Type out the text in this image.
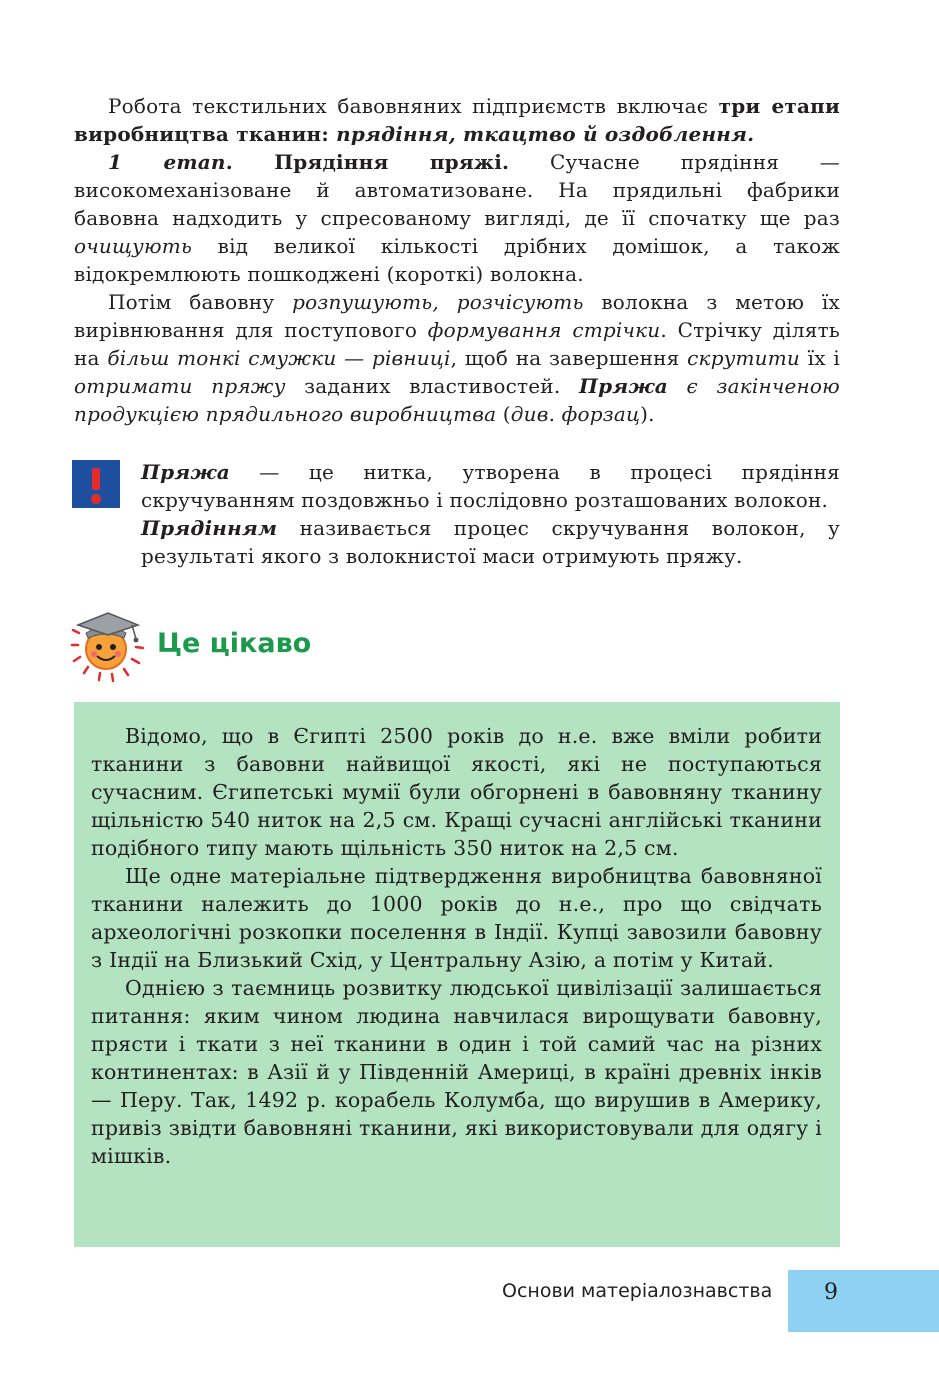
Робота текстильних бавовняних підприємств включає три етапи виробництва тканин: прядіння, ткацтво й оздоблення.

1 етап. Прядіння пряжі. Сучасне прядіння — високомеханізоване й автоматизоване. На прядильні фабрики бавовна надходить у спресованому вигляді, де її спочатку ще раз очищують від великої кількості дрібних домішок, а також відокремлюють пошкоджені (короткі) волокна.

Потім бавовну розпушують, розчісують волокна з метою їх вирівнювання для поступового формування стрічки. Стрічку ділять на більш тонкі смужки — рівниці, щоб на завершення скрутити їх і отримати пряжу заданих властивостей. Пряжа є закінченою продукцією прядильного виробництва (див. форзац).

Пряжа — це нитка, утворена в процесі прядіння скручуванням поздовжньо і послідовно розташованих волокон.

Прядінням називається процес скручування волокон, у результаті якого з волокнистої маси отримують пряжу.

Це цікаво

Відомо, що в Єгипті 2500 років до н.е. вже вміли робити тканини з бавовни найвищої якості, які не поступаються сучасним. Єгипетські мумії були обгорнені в бавовняну тканину щільністю 540 ниток на 2,5 см. Кращі сучасні англійські тканини подібного типу мають щільність 350 ниток на 2,5 см.

Ще одне матеріальне підтвердження виробництва бавовняної тканини належить до 1000 років до н.е., про що свідчать археологічні розкопки поселення в Індії. Купці завозили бавовну з Індії на Близький Схід, у Центральну Азію, а потім у Китай.

Однією з таємниць розвитку людської цивілізації залишається питання: яким чином людина навчилася вирощувати бавовну, прясти і ткати з неї тканини в один і той самий час на різних континентах: в Азії й у Південній Америці, в країні древніх інків — Перу. Так, 1492 р. корабель Колумба, що вирушив в Америку, привіз звідти бавовняні тканини, які використовували для одягу і мішків.

Основи матеріалознавства	9
